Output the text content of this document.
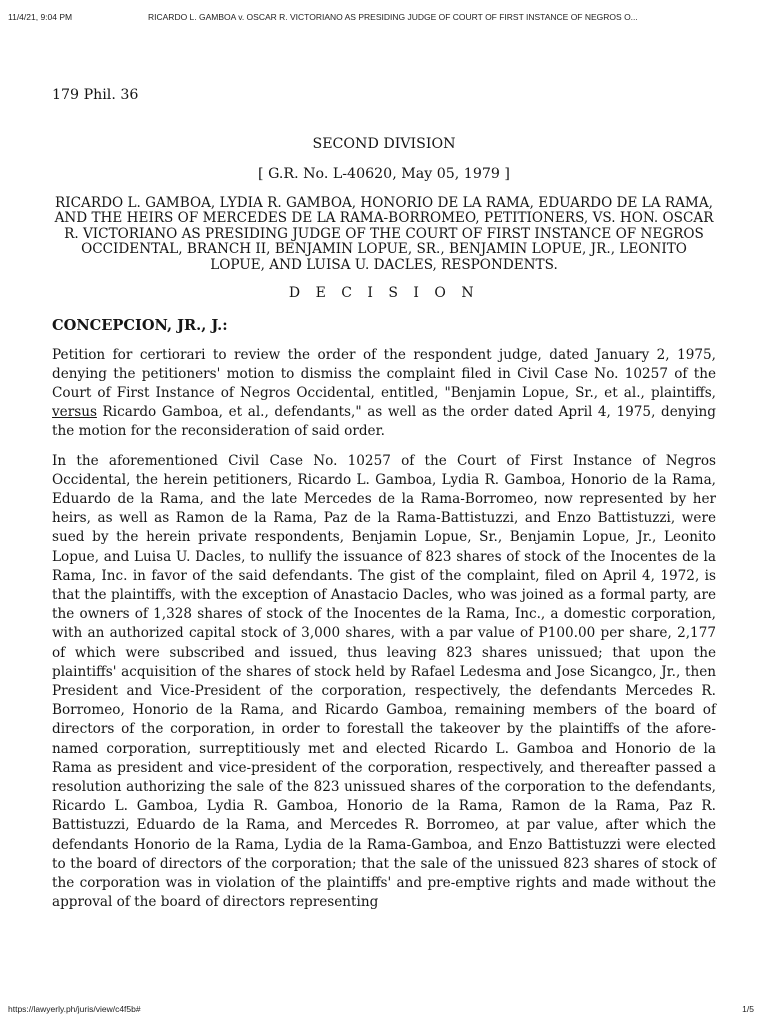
11/4/21, 9:04 PM	RICARDO L. GAMBOA v. OSCAR R. VICTORIANO AS PRESIDING JUDGE OF COURT OF FIRST INSTANCE OF NEGROS O...

179 Phil. 36

SECOND DIVISION
[ G.R. No. L-40620, May 05, 1979 ]
RICARDO L. GAMBOA, LYDIA R. GAMBOA, HONORIO DE LA RAMA, EDUARDO DE LA RAMA, AND THE HEIRS OF MERCEDES DE LA RAMA-BORROMEO, PETITIONERS, VS. HON. OSCAR R. VICTORIANO AS PRESIDING JUDGE OF THE COURT OF FIRST INSTANCE OF NEGROS OCCIDENTAL, BRANCH II, BENJAMIN LOPUE, SR., BENJAMIN LOPUE, JR., LEONITO LOPUE, AND LUISA U. DACLES, RESPONDENTS.
D E C I S I O N
CONCEPCION, JR., J.:

Petition for certiorari to review the order of the respondent judge, dated January 2, 1975, denying the petitioners' motion to dismiss the complaint filed in Civil Case No. 10257 of the Court of First Instance of Negros Occidental, entitled, "Benjamin Lopue, Sr., et al., plaintiffs, versus Ricardo Gamboa, et al., defendants," as well as the order dated April 4, 1975, denying the motion for the reconsideration of said order.

In the aforementioned Civil Case No. 10257 of the Court of First Instance of Negros Occidental, the herein petitioners, Ricardo L. Gamboa, Lydia R. Gamboa, Honorio de la Rama, Eduardo de la Rama, and the late Mercedes de la Rama-Borromeo, now represented by her heirs, as well as Ramon de la Rama, Paz de la Rama-Battistuzzi, and Enzo Battistuzzi, were sued by the herein private respondents, Benjamin Lopue, Sr., Benjamin Lopue, Jr., Leonito Lopue, and Luisa U. Dacles, to nullify the issuance of 823 shares of stock of the Inocentes de la Rama, Inc. in favor of the said defendants. The gist of the complaint, filed on April 4, 1972, is that the plaintiffs, with the exception of Anastacio Dacles, who was joined as a formal party, are the owners of 1,328 shares of stock of the Inocentes de la Rama, Inc., a domestic corporation, with an authorized capital stock of 3,000 shares, with a par value of P100.00 per share, 2,177 of which were subscribed and issued, thus leaving 823 shares unissued; that upon the plaintiffs' acquisition of the shares of stock held by Rafael Ledesma and Jose Sicangco, Jr., then President and Vice-President of the corporation, respectively, the defendants Mercedes R. Borromeo, Honorio de la Rama, and Ricardo Gamboa, remaining members of the board of directors of the corporation, in order to forestall the takeover by the plaintiffs of the afore-named corporation, surreptitiously met and elected Ricardo L. Gamboa and Honorio de la Rama as president and vice-president of the corporation, respectively, and thereafter passed a resolution authorizing the sale of the 823 unissued shares of the corporation to the defendants, Ricardo L. Gamboa, Lydia R. Gamboa, Honorio de la Rama, Ramon de la Rama, Paz R. Battistuzzi, Eduardo de la Rama, and Mercedes R. Borromeo, at par value, after which the defendants Honorio de la Rama, Lydia de la Rama-Gamboa, and Enzo Battistuzzi were elected to the board of directors of the corporation; that the sale of the unissued 823 shares of stock of the corporation was in violation of the plaintiffs' and pre-emptive rights and made without the approval of the board of directors representing

https://lawyerly.ph/juris/view/c4f5b#	1/5
